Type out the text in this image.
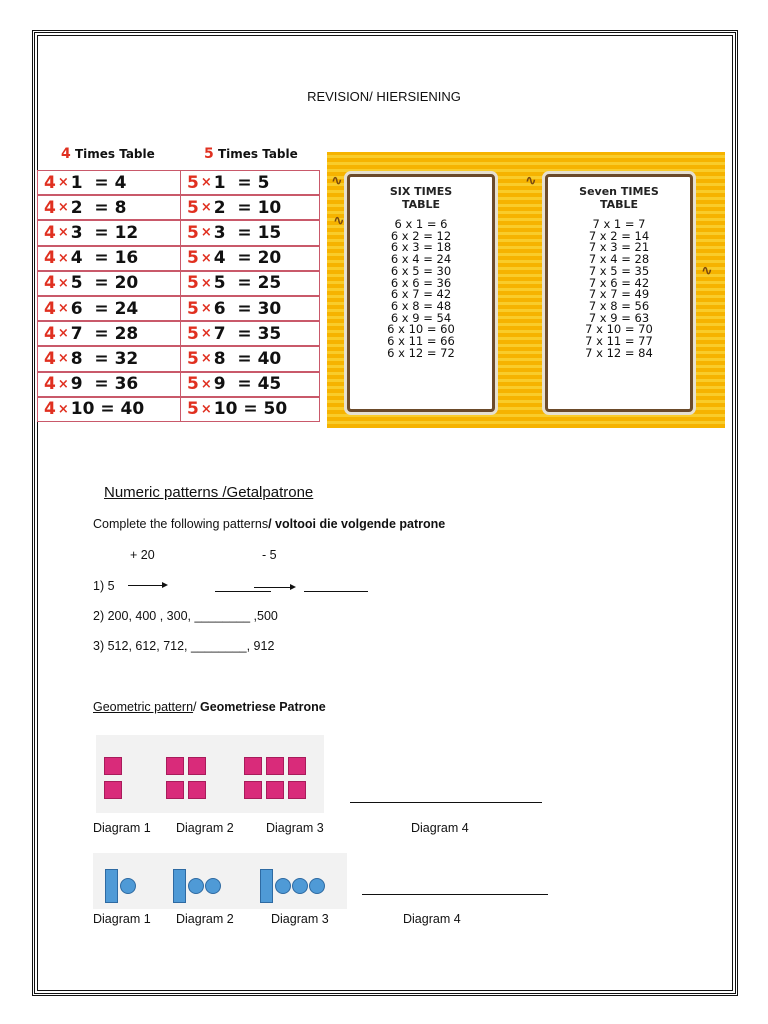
REVISION/ HIERSIENING
4 Times Table
4 × 1  = 4
4 × 2  = 8
4 × 3  = 12
4 × 4  = 16
4 × 5  = 20
4 × 6  = 24
4 × 7  = 28
4 × 8  = 32
4 × 9  = 36
4 × 10 = 40
5 Times Table
5 × 1  = 5
5 × 2  = 10
5 × 3  = 15
5 × 4  = 20
5 × 5  = 25
5 × 6  = 30
5 × 7  = 35
5 × 8  = 40
5 × 9  = 45
5 × 10 = 50
∿
∿
SIX TIMES
TABLE
6 x 1 = 6
6 x 2 = 12
6 x 3 = 18
6 x 4 = 24
6 x 5 = 30
6 x 6 = 36
6 x 7 = 42
6 x 8 = 48
6 x 9 = 54
6 x 10 = 60
6 x 11 = 66
6 x 12 = 72
∿
∿
Seven TIMES
TABLE
7 x 1 = 7
7 x 2 = 14
7 x 3 = 21
7 x 4 = 28
7 x 5 = 35
7 x 6 = 42
7 x 7 = 49
7 x 8 = 56
7 x 9 = 63
7 x 10 = 70
7 x 11 = 77
7 x 12 = 84
Numeric patterns /Getalpatrone
Complete the following patterns/ voltooi die volgende patrone
+ 20	- 5
1) 5
2) 200, 400 , 300, ________ ,500
3) 512, 612, 712, ________, 912
Geometric pattern/ Geometriese Patrone
Diagram 1 Diagram 2	Diagram 3	Diagram 4
Diagram 1 Diagram 2	Diagram 3	Diagram 4
